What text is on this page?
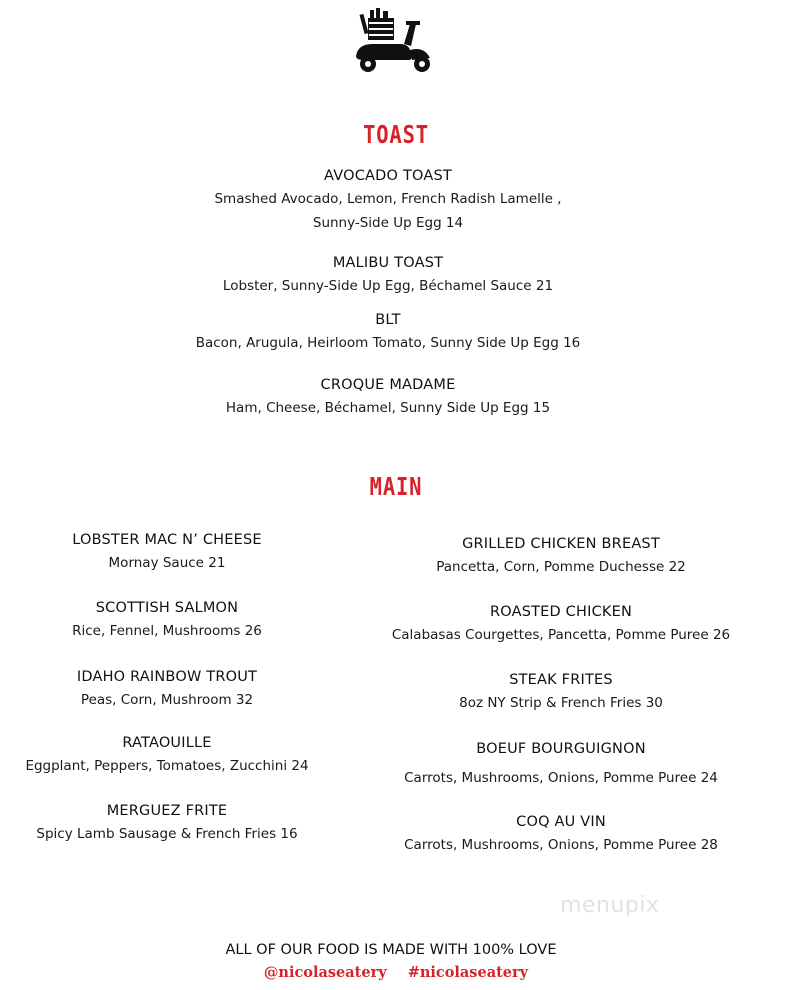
TOAST
AVOCADO TOAST
Smashed Avocado, Lemon, French Radish Lamelle ,
Sunny-Side Up Egg 14
MALIBU TOAST
Lobster, Sunny-Side Up Egg, Béchamel Sauce 21
BLT
Bacon, Arugula, Heirloom Tomato, Sunny Side Up Egg 16
CROQUE MADAME
Ham, Cheese, Béchamel, Sunny Side Up Egg 15
MAIN
LOBSTER MAC N’ CHEESE
Mornay Sauce 21
SCOTTISH SALMON
Rice, Fennel, Mushrooms 26
IDAHO RAINBOW TROUT
Peas, Corn, Mushroom 32
RATAOUILLE
Eggplant, Peppers, Tomatoes, Zucchini 24
MERGUEZ FRITE
Spicy Lamb Sausage & French Fries 16
GRILLED CHICKEN BREAST
Pancetta, Corn, Pomme Duchesse 22
ROASTED CHICKEN
Calabasas Courgettes, Pancetta, Pomme Puree 26
STEAK FRITES
8oz NY Strip & French Fries 30
BOEUF BOURGUIGNON
Carrots, Mushrooms, Onions, Pomme Puree 24
COQ AU VIN
Carrots, Mushrooms, Onions, Pomme Puree 28
menupix
ALL OF OUR FOOD IS MADE WITH 100% LOVE
@nicolaseatery #nicolaseatery
